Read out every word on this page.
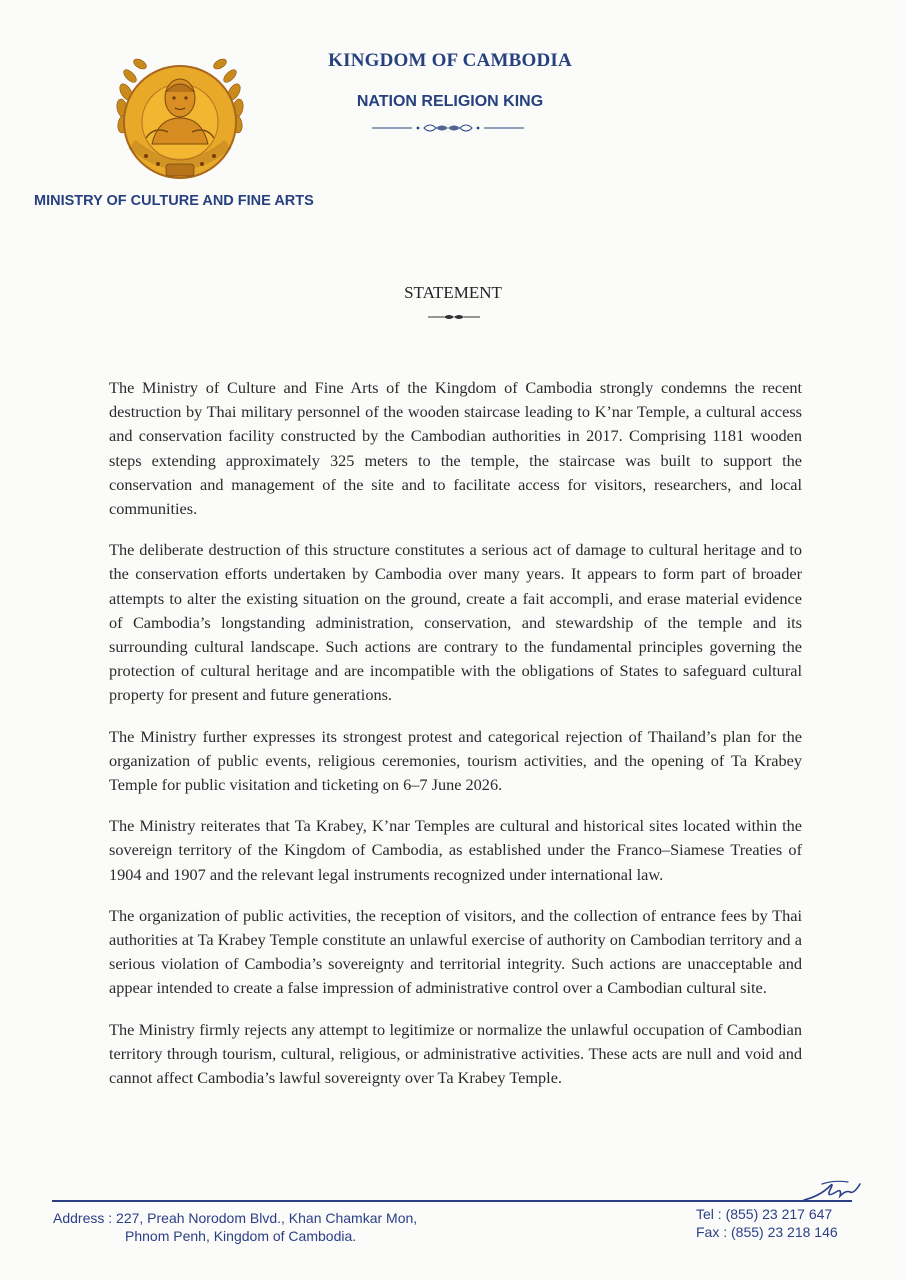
KINGDOM OF CAMBODIA
NATION RELIGION KING
MINISTRY OF CULTURE AND FINE ARTS
STATEMENT

The Ministry of Culture and Fine Arts of the Kingdom of Cambodia strongly condemns the recent destruction by Thai military personnel of the wooden staircase leading to K’nar Temple, a cultural access and conservation facility constructed by the Cambodian authorities in 2017. Comprising 1181 wooden steps extending approximately 325 meters to the temple, the staircase was built to support the conservation and management of the site and to facilitate access for visitors, researchers, and local communities.

The deliberate destruction of this structure constitutes a serious act of damage to cultural heritage and to the conservation efforts undertaken by Cambodia over many years. It appears to form part of broader attempts to alter the existing situation on the ground, create a fait accompli, and erase material evidence of Cambodia’s longstanding administration, conservation, and stewardship of the temple and its surrounding cultural landscape. Such actions are contrary to the fundamental principles governing the protection of cultural heritage and are incompatible with the obligations of States to safeguard cultural property for present and future generations.

The Ministry further expresses its strongest protest and categorical rejection of Thailand’s plan for the organization of public events, religious ceremonies, tourism activities, and the opening of Ta Krabey Temple for public visitation and ticketing on 6–7 June 2026.

The Ministry reiterates that Ta Krabey, K’nar Temples are cultural and historical sites located within the sovereign territory of the Kingdom of Cambodia, as established under the Franco–Siamese Treaties of 1904 and 1907 and the relevant legal instruments recognized under international law.

The organization of public activities, the reception of visitors, and the collection of entrance fees by Thai authorities at Ta Krabey Temple constitute an unlawful exercise of authority on Cambodian territory and a serious violation of Cambodia’s sovereignty and territorial integrity. Such actions are unacceptable and appear intended to create a false impression of administrative control over a Cambodian cultural site.

The Ministry firmly rejects any attempt to legitimize or normalize the unlawful occupation of Cambodian territory through tourism, cultural, religious, or administrative activities. These acts are null and void and cannot affect Cambodia’s lawful sovereignty over Ta Krabey Temple.

Address : 227, Preah Norodom Blvd., Khan Chamkar Mon,
Phnom Penh, Kingdom of Cambodia.
Tel : (855) 23 217 647
Fax : (855) 23 218 146
